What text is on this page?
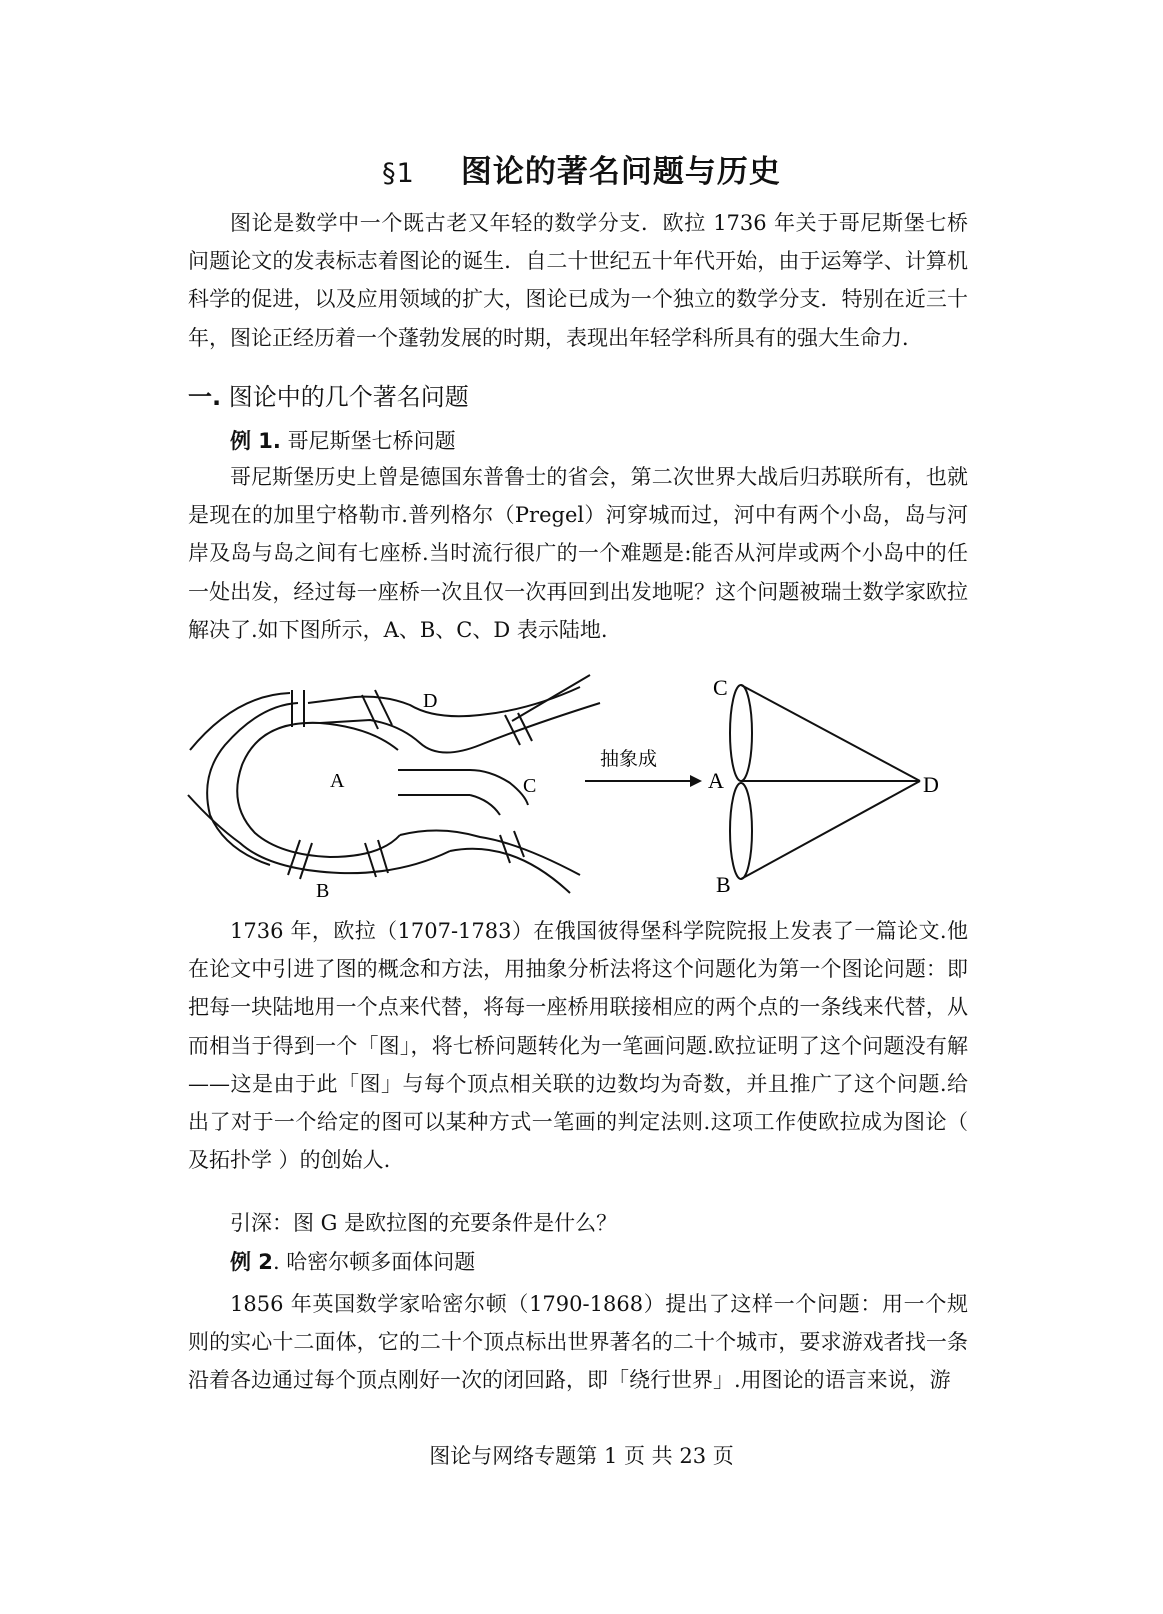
§1 图论的著名问题与历史

图论是数学中一个既古老又年轻的数学分支．欧拉 1736 年关于哥尼斯堡七桥问题论文的发表标志着图论的诞生．自二十世纪五十年代开始，由于运筹学、计算机科学的促进，以及应用领域的扩大，图论已成为一个独立的数学分支．特别在近三十年，图论正经历着一个蓬勃发展的时期，表现出年轻学科所具有的强大生命力．

一. 图论中的几个著名问题
例 1. 哥尼斯堡七桥问题

哥尼斯堡历史上曾是德国东普鲁士的省会，第二次世界大战后归苏联所有，也就是现在的加里宁格勒市.普列格尔（Pregel）河穿城而过，河中有两个小岛，岛与河岸及岛与岛之间有七座桥.当时流行很广的一个难题是:能否从河岸或两个小岛中的任一处出发，经过每一座桥一次且仅一次再回到出发地呢？这个问题被瑞士数学家欧拉解决了.如下图所示，A、B、C、D 表示陆地.

A
B
C
D
抽象成
C
A
B
D

1736 年，欧拉（1707-1783）在俄国彼得堡科学院院报上发表了一篇论文.他在论文中引进了图的概念和方法，用抽象分析法将这个问题化为第一个图论问题：即把每一块陆地用一个点来代替，将每一座桥用联接相应的两个点的一条线来代替，从而相当于得到一个「图」，将七桥问题转化为一笔画问题.欧拉证明了这个问题没有解——这是由于此「图」与每个顶点相关联的边数均为奇数，并且推广了这个问题.给出了对于一个给定的图可以某种方式一笔画的判定法则.这项工作使欧拉成为图论（ 及拓扑学 ）的创始人.

引深：图 G 是欧拉图的充要条件是什么？
例 2. 哈密尔顿多面体问题

1856 年英国数学家哈密尔顿（1790-1868）提出了这样一个问题：用一个规则的实心十二面体，它的二十个顶点标出世界著名的二十个城市，要求游戏者找一条沿着各边通过每个顶点刚好一次的闭回路，即「绕行世界」.用图论的语言来说，游

图论与网络专题第 1 页 共 23 页
